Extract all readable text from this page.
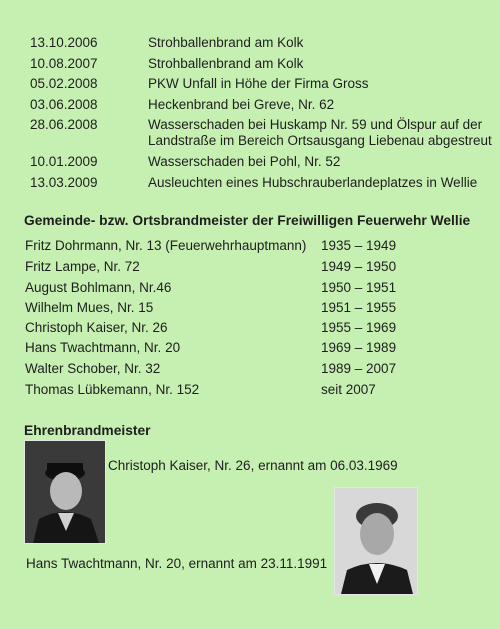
13.10.2006	Strohballenbrand am Kolk
10.08.2007	Strohballenbrand am Kolk
05.02.2008	PKW Unfall in Höhe der Firma Gross
03.06.2008	Heckenbrand bei Greve, Nr. 62
28.06.2008	Wasserschaden bei Huskamp Nr. 59 und Ölspur auf der Landstraße im Bereich Ortsausgang Liebenau abgestreut
10.01.2009	Wasserschaden bei Pohl, Nr. 52
13.03.2009	Ausleuchten eines Hubschrauberlandeplatzes in Wellie
Gemeinde- bzw. Ortsbrandmeister der Freiwilligen Feuerwehr Wellie
Fritz Dohrmann, Nr. 13 (Feuerwehrhauptmann) 1935 – 1949
Fritz Lampe, Nr. 72	1949 – 1950
August Bohlmann, Nr.46	1950 – 1951
Wilhelm Mues, Nr. 15	1951 – 1955
Christoph Kaiser, Nr. 26	1955 – 1969
Hans Twachtmann, Nr. 20	1969 – 1989
Walter Schober, Nr. 32	1989 – 2007
Thomas Lübkemann, Nr. 152	seit 2007
Ehrenbrandmeister
Christoph Kaiser, Nr. 26, ernannt am 06.03.1969
Hans Twachtmann, Nr. 20, ernannt am 23.11.1991
